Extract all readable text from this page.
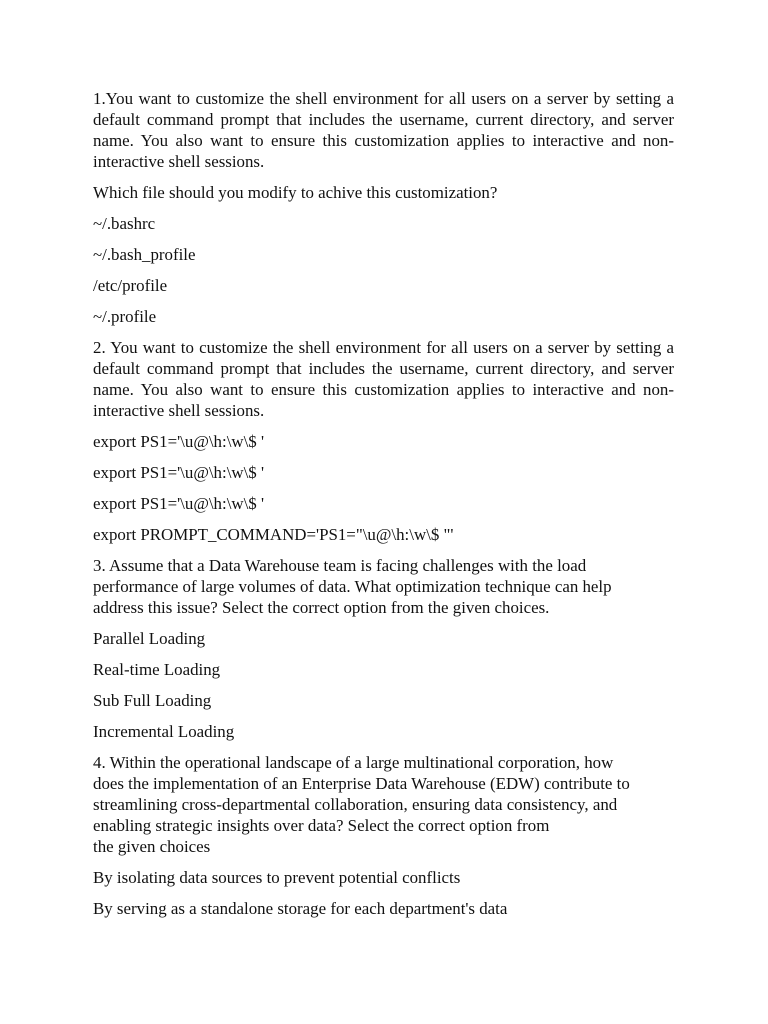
1.You want to customize the shell environment for all users on a server by setting a default command prompt that includes the username, current directory, and server name. You also want to ensure this customization applies to interactive and non-interactive shell sessions.

Which file should you modify to achive this customization?

~/.bashrc

~/.bash_profile

/etc/profile

~/.profile

2. You want to customize the shell environment for all users on a server by setting a default command prompt that includes the username, current directory, and server name. You also want to ensure this customization applies to interactive and non-interactive shell sessions.

export PS1='\u@\h:\w\$ '

export PS1='\u@\h:\w\$ '

export PS1='\u@\h:\w\$ '

export PROMPT_COMMAND='PS1="\u@\h:\w\$ "'

3. Assume that a Data Warehouse team is facing challenges with the load
performance of large volumes of data. What optimization technique can help
address this issue? Select the correct option from the given choices.

Parallel Loading

Real-time Loading

Sub Full Loading

Incremental Loading

4. Within the operational landscape of a large multinational corporation, how
does the implementation of an Enterprise Data Warehouse (EDW) contribute to
streamlining cross-departmental collaboration, ensuring data consistency, and
enabling strategic insights over data? Select the correct option from
the given choices

By isolating data sources to prevent potential conflicts

By serving as a standalone storage for each department's data
